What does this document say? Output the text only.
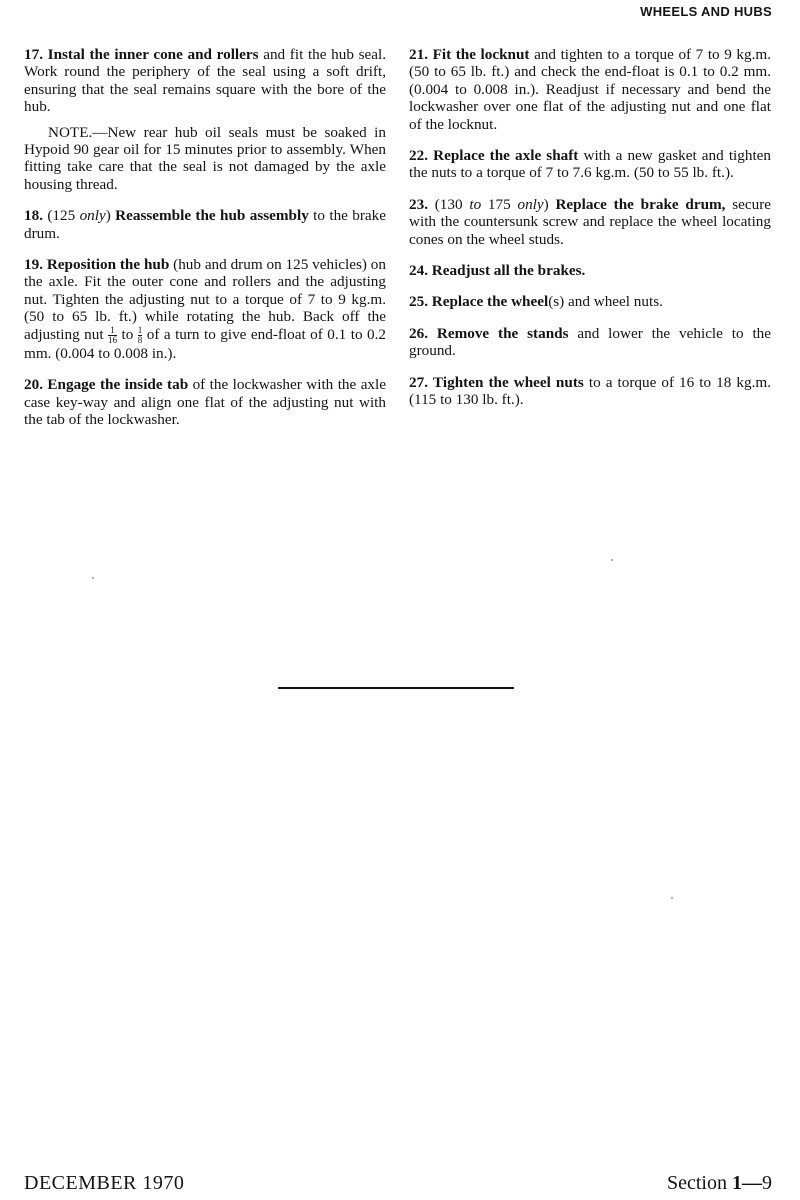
WHEELS AND HUBS

17. Instal the inner cone and rollers and fit the hub seal. Work round the periphery of the seal using a soft drift, ensuring that the seal remains square with the bore of the hub.

NOTE.—New rear hub oil seals must be soaked in Hypoid 90 gear oil for 15 minutes prior to assembly. When fitting take care that the seal is not damaged by the axle housing thread.

18. (125 only) Reassemble the hub assembly to the brake drum.

19. Reposition the hub (hub and drum on 125 vehicles) on the axle. Fit the outer cone and rollers and the adjusting nut. Tighten the adjusting nut to a torque of 7 to 9 kg.m. (50 to 65 lb. ft.) while rotating the hub. Back off the adjusting nut $\frac{1}{16}$ to $\frac{1}{8}$ of a turn to give end-float of 0.1 to 0.2 mm. (0.004 to 0.008 in.).

20. Engage the inside tab of the lockwasher with the axle case key-way and align one flat of the adjusting nut with the tab of the lockwasher.

21. Fit the locknut and tighten to a torque of 7 to 9 kg.m. (50 to 65 lb. ft.) and check the end-float is 0.1 to 0.2 mm. (0.004 to 0.008 in.). Readjust if necessary and bend the lockwasher over one flat of the adjusting nut and one flat of the locknut.

22. Replace the axle shaft with a new gasket and tighten the nuts to a torque of 7 to 7.6 kg.m. (50 to 55 lb. ft.).

23. (130 to 175 only) Replace the brake drum, secure with the countersunk screw and replace the wheel locating cones on the wheel studs.

24. Readjust all the brakes.

25. Replace the wheel(s) and wheel nuts.

26. Remove the stands and lower the vehicle to the ground.

27. Tighten the wheel nuts to a torque of 16 to 18 kg.m. (115 to 130 lb. ft.).

DECEMBER 1970	Section 1—9
